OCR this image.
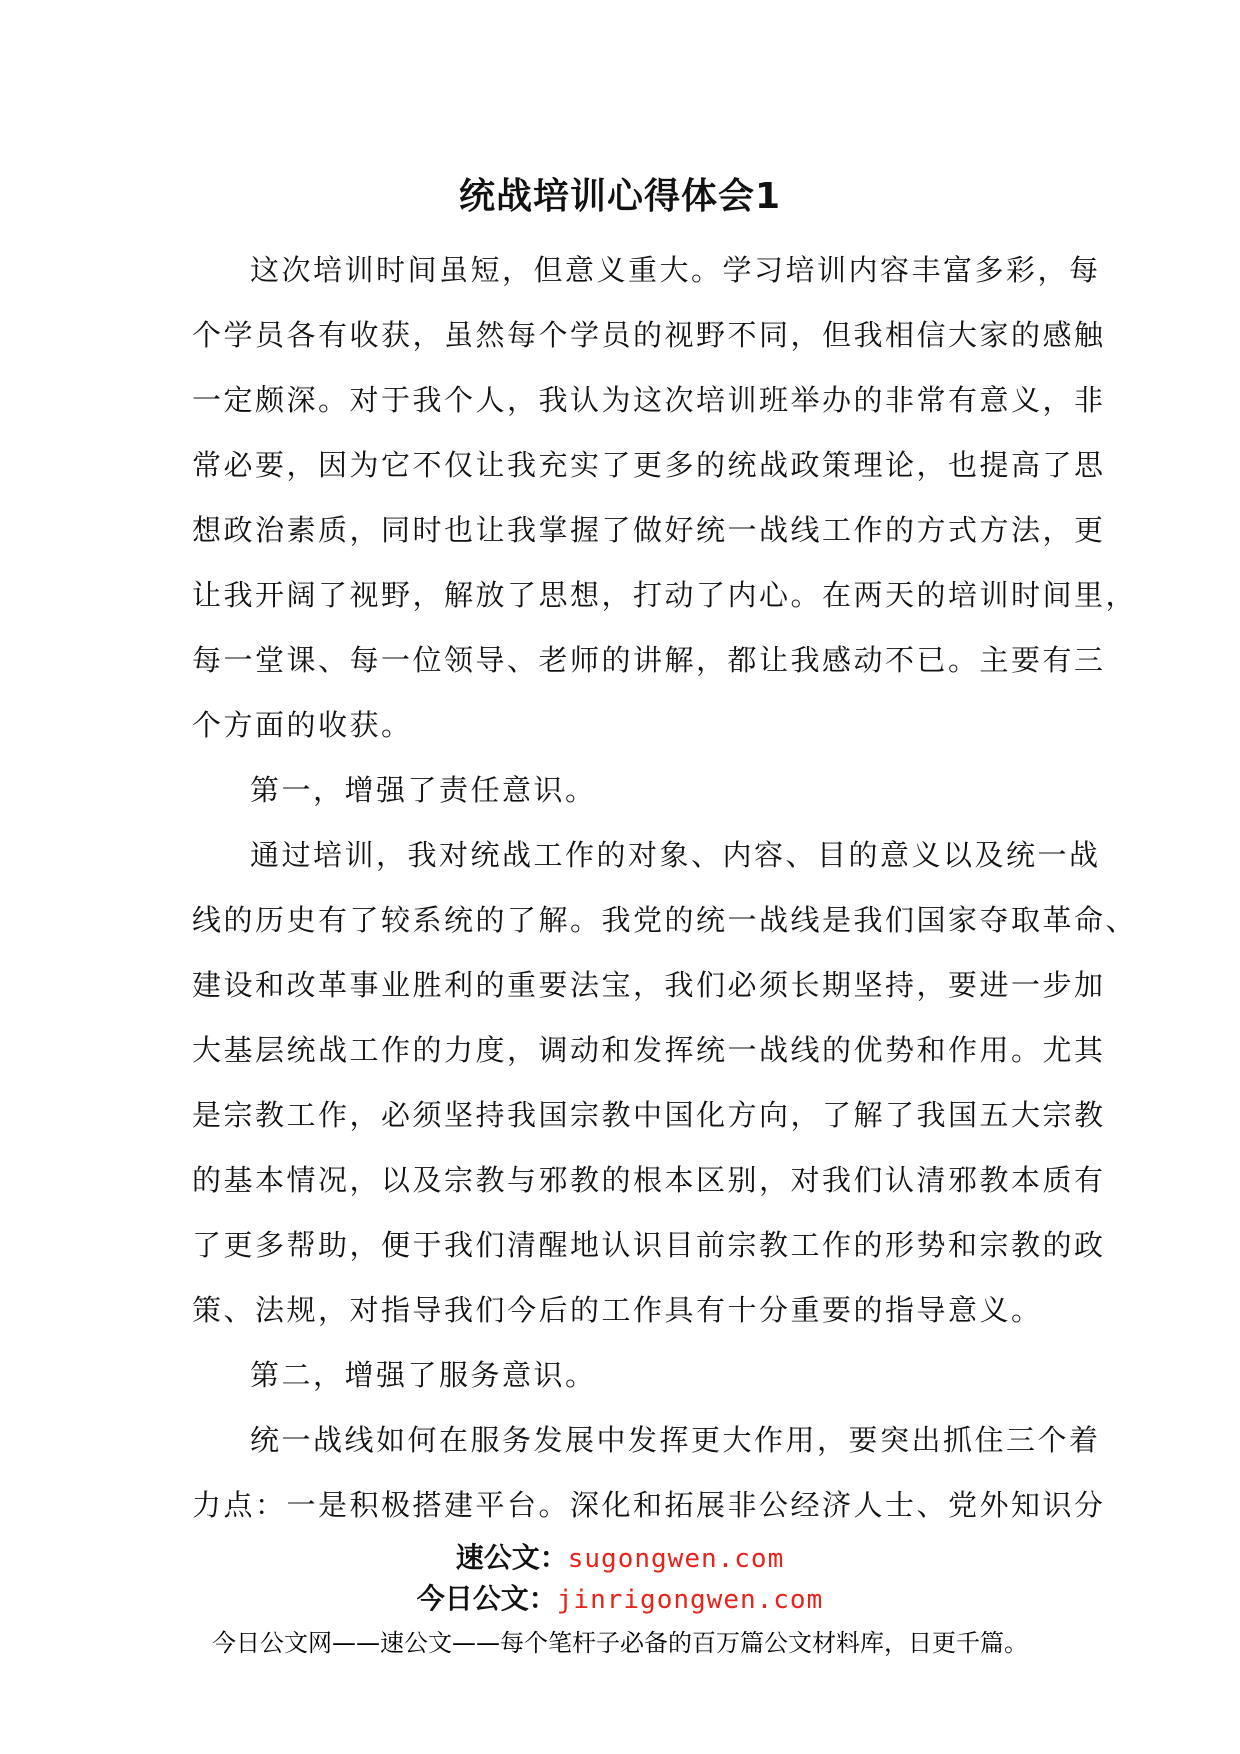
统战培训心得体会1
这次培训时间虽短，但意义重大。学习培训内容丰富多彩，每
个学员各有收获，虽然每个学员的视野不同，但我相信大家的感触
一定颇深。对于我个人，我认为这次培训班举办的非常有意义，非
常必要，因为它不仅让我充实了更多的统战政策理论，也提高了思
想政治素质，同时也让我掌握了做好统一战线工作的方式方法，更
让我开阔了视野，解放了思想，打动了内心。在两天的培训时间里，
每一堂课、每一位领导、老师的讲解，都让我感动不已。主要有三
个方面的收获。
第一，增强了责任意识。
通过培训，我对统战工作的对象、内容、目的意义以及统一战
线的历史有了较系统的了解。我党的统一战线是我们国家夺取革命、
建设和改革事业胜利的重要法宝，我们必须长期坚持，要进一步加
大基层统战工作的力度，调动和发挥统一战线的优势和作用。尤其
是宗教工作，必须坚持我国宗教中国化方向，了解了我国五大宗教
的基本情况，以及宗教与邪教的根本区别，对我们认清邪教本质有
了更多帮助，便于我们清醒地认识目前宗教工作的形势和宗教的政
策、法规，对指导我们今后的工作具有十分重要的指导意义。
第二，增强了服务意识。
统一战线如何在服务发展中发挥更大作用，要突出抓住三个着
力点：一是积极搭建平台。深化和拓展非公经济人士、党外知识分
速公文：sugongwen.com
今日公文：jinrigongwen.com
今日公文网——速公文——每个笔杆子必备的百万篇公文材料库，日更千篇。
